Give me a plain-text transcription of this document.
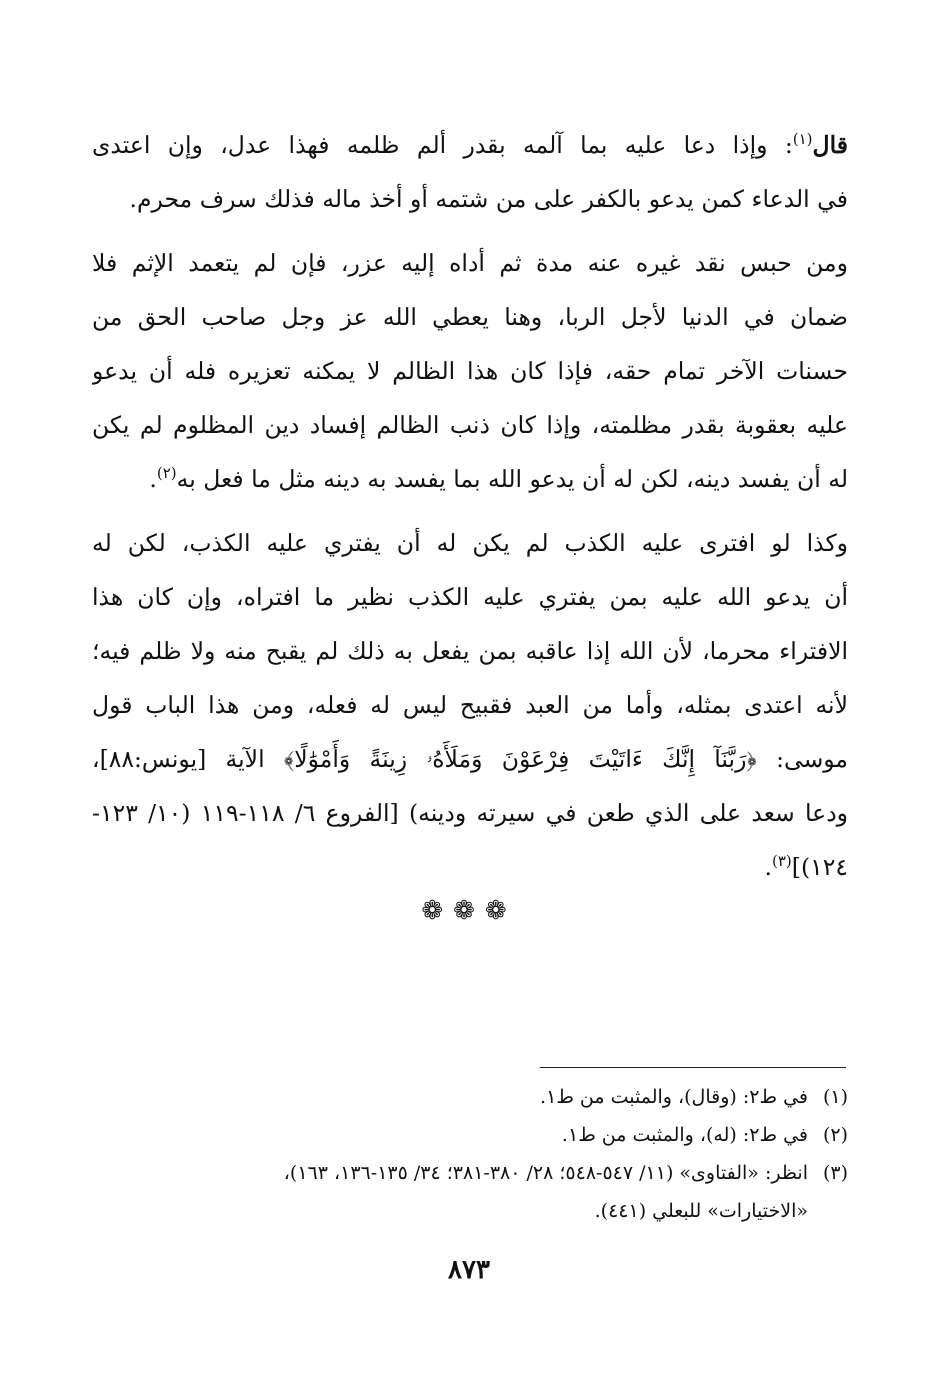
قال$^{(١)}$: وإذا دعا عليه بما آلمه بقدر ألم ظلمه فهذا عدل، وإن اعتدى
في الدعاء كمن يدعو بالكفر على من شتمه أو أخذ ماله فذلك سرف محرم.

ومن حبس نقد غيره عنه مدة ثم أداه إليه عزر، فإن لم يتعمد الإثم فلا
ضمان في الدنيا لأجل الربا، وهنا يعطي الله عز وجل صاحب الحق من
حسنات الآخر تمام حقه، فإذا كان هذا الظالم لا يمكنه تعزيره فله أن يدعو
عليه بعقوبة بقدر مظلمته، وإذا كان ذنب الظالم إفساد دين المظلوم لم يكن
له أن يفسد دينه، لكن له أن يدعو الله بما يفسد به دينه مثل ما فعل به$^{(٢)}$.

وكذا لو افترى عليه الكذب لم يكن له أن يفتري عليه الكذب، لكن له
أن يدعو الله عليه بمن يفتري عليه الكذب نظير ما افتراه، وإن كان هذا
الافتراء محرما، لأن الله إذا عاقبه بمن يفعل به ذلك لم يقبح منه ولا ظلم فيه؛
لأنه اعتدى بمثله، وأما من العبد فقبيح ليس له فعله، ومن هذا الباب قول
موسى: ﴿رَبَّنَآ إِنَّكَ ءَاتَيْتَ فِرْعَوْنَ وَمَلَأَهُۥ زِينَةً وَأَمْوَٰلًا﴾ الآية [يونس:٨٨]،
ودعا سعد على الذي طعن في سيرته ودينه) [الفروع ٦/ ١١٨-١١٩ (١٠/ ١٢٣-
١٢٤)]$^{(٣)}$.

❁❁❁

(١)في ط٢: (وقال)، والمثبت من ط١.

(٢)في ط٢: (له)، والمثبت من ط١.

(٣)انظر: «الفتاوى» (١١/ ٥٤٧-٥٤٨؛ ٢٨/ ٣٨٠-٣٨١؛ ٣٤/ ١٣٥-١٣٦، ١٦٣)،

«الاختيارات» للبعلي (٤٤١).

٨٧٣
